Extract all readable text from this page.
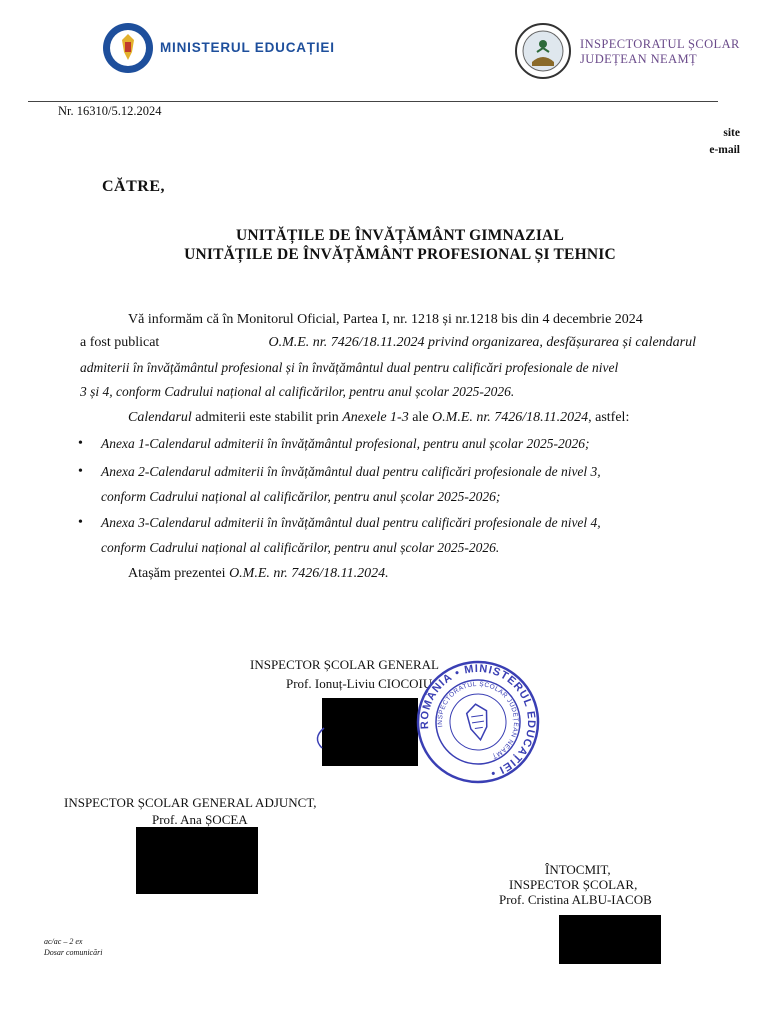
MINISTERUL EDUCAȚIEI	INSPECTORATUL ȘCOLAR
JUDEȚEAN NEAMȚ
Nr. 16310/5.12.2024
site
e-mail
CĂTRE,
UNITĂȚILE DE ÎNVĂȚĂMÂNT GIMNAZIAL
UNITĂȚILE DE ÎNVĂȚĂMÂNT PROFESIONAL ȘI TEHNIC
Vă informăm că în Monitorul Oficial, Partea I, nr. 1218 și nr.1218 bis din 4 decembrie 2024
a fost publicat	O.M.E. nr. 7426/18.11.2024 privind organizarea, desfășurarea și calendarul
admiterii în învățământul profesional și în învățământul dual pentru calificări profesionale de nivel
3 și 4, conform Cadrului național al calificărilor, pentru anul școlar 2025-2026.
Calendarul admiterii este stabilit prin Anexele 1-3 ale O.M.E. nr. 7426/18.11.2024, astfel:
• Anexa 1-Calendarul admiterii în învățământul profesional, pentru anul școlar 2025-2026;
• Anexa 2-Calendarul admiterii în învățământul dual pentru calificări profesionale de nivel 3,
conform Cadrului național al calificărilor, pentru anul școlar 2025-2026;
• Anexa 3-Calendarul admiterii în învățământul dual pentru calificări profesionale de nivel 4,
conform Cadrului național al calificărilor, pentru anul școlar 2025-2026.
Atașăm prezentei O.M.E. nr. 7426/18.11.2024.
INSPECTOR ȘCOLAR GENERAL
Prof. Ionuț-Liviu CIOCOIU
ROMÂNIA • MINISTERUL EDUCAȚIEI •
INSPECTORATUL ȘCOLAR JUDEȚEAN NEAMȚ
INSPECTOR ȘCOLAR GENERAL ADJUNCT,
Prof. Ana ȘOCEA
ÎNTOCMIT,
INSPECTOR ȘCOLAR,
Prof. Cristina ALBU-IACOB
ac/ac – 2 ex
Dosar comunicări
